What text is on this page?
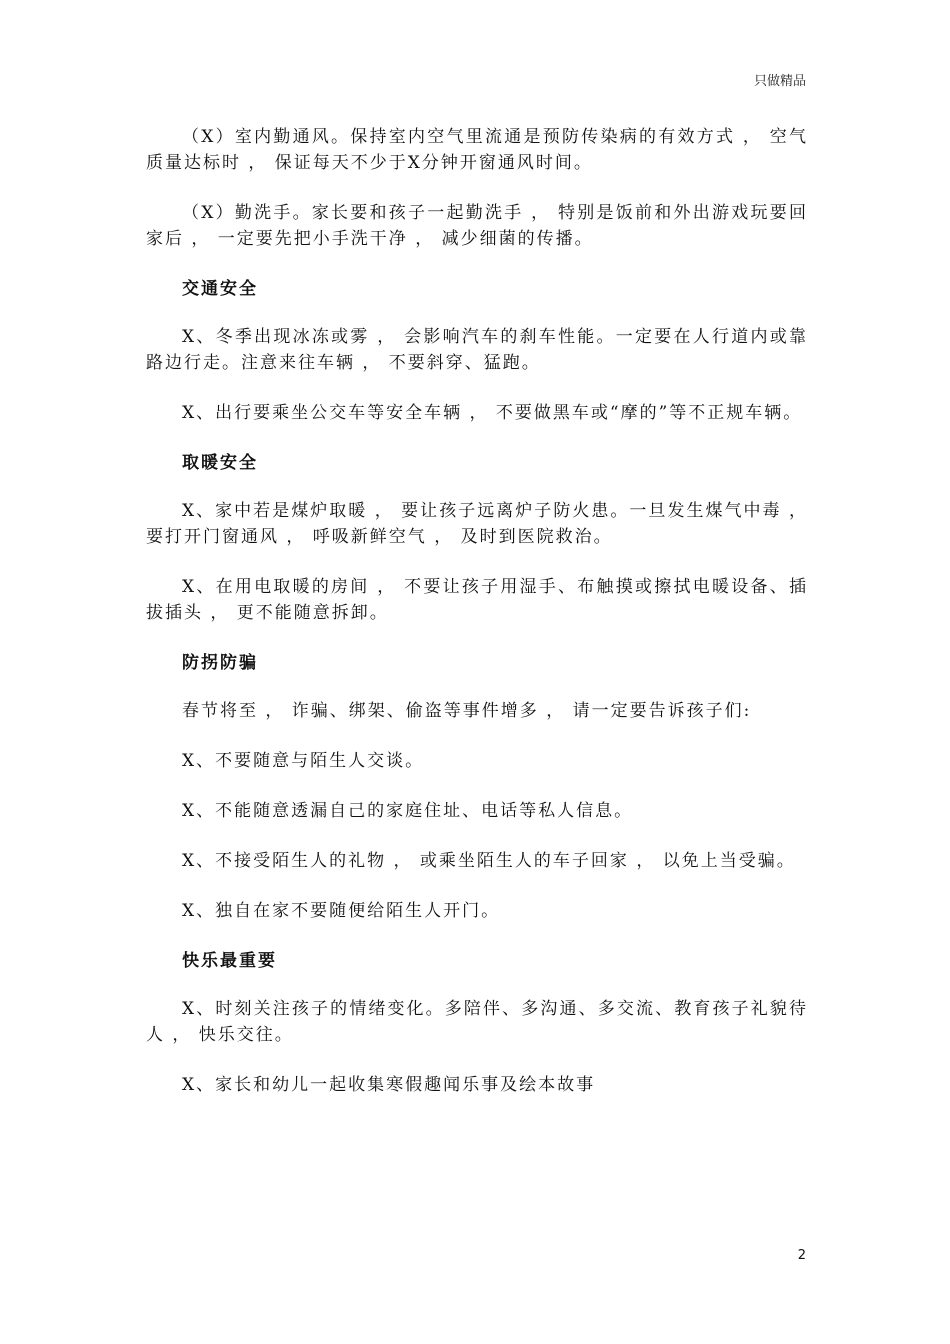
只做精品

（X）室内勤通风。保持室内空气里流通是预防传染病的有效方式 ， 空气质量达标时 ， 保证每天不少于X分钟开窗通风时间。

（X）勤洗手。家长要和孩子一起勤洗手 ， 特别是饭前和外出游戏玩要回家后 ， 一定要先把小手洗干净 ， 减少细菌的传播。

交通安全

X、冬季出现冰冻或雾 ， 会影响汽车的刹车性能。一定要在人行道内或靠路边行走。注意来往车辆 ， 不要斜穿、猛跑。

X、出行要乘坐公交车等安全车辆 ， 不要做黑车或“摩的”等不正规车辆。

取暖安全

X、家中若是煤炉取暖 ， 要让孩子远离炉子防火患。一旦发生煤气中毒 ， 要打开门窗通风 ， 呼吸新鲜空气 ， 及时到医院救治。

X、在用电取暖的房间 ， 不要让孩子用湿手、布触摸或擦拭电暖设备、插拔插头 ， 更不能随意拆卸。

防拐防骗

春节将至 ， 诈骗、绑架、偷盗等事件增多 ， 请一定要告诉孩子们:

X、不要随意与陌生人交谈。

X、不能随意透漏自己的家庭住址、电话等私人信息。

X、不接受陌生人的礼物 ， 或乘坐陌生人的车子回家 ， 以免上当受骗。

X、独自在家不要随便给陌生人开门。

快乐最重要

X、时刻关注孩子的情绪变化。多陪伴、多沟通、多交流、教育孩子礼貌待人 ， 快乐交往。

X、家长和幼儿一起收集寒假趣闻乐事及绘本故事

2
